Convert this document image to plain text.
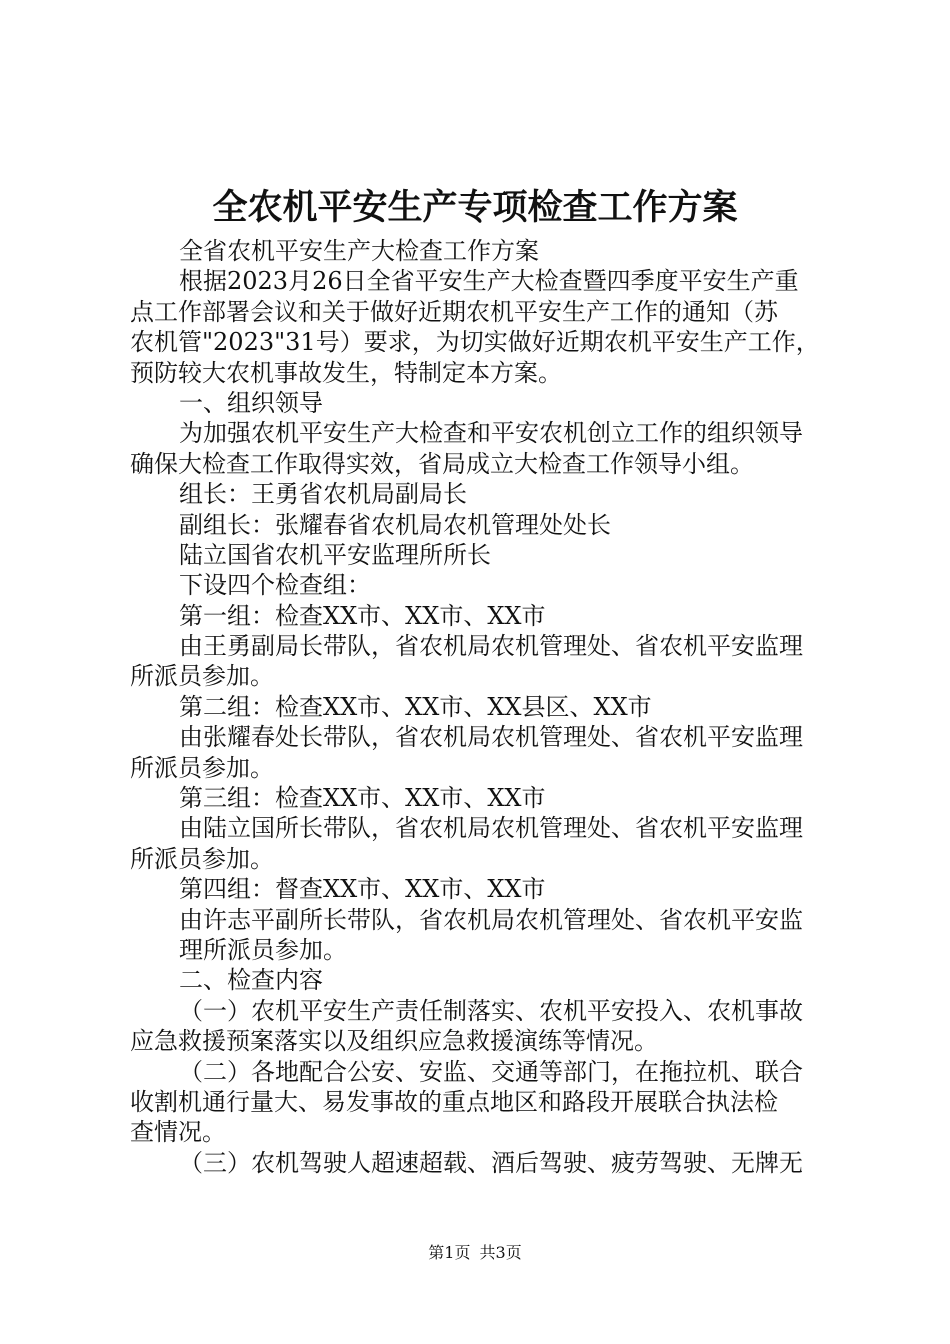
全农机平安生产专项检查工作方案
全省农机平安生产大检查工作方案
根据2023月26日全省平安生产大检查暨四季度平安生产重
点工作部署会议和关于做好近期农机平安生产工作的通知（苏
农机管"2023"31号）要求，为切实做好近期农机平安生产工作，
预防较大农机事故发生，特制定本方案。
一、组织领导
为加强农机平安生产大检查和平安农机创立工作的组织领导
确保大检查工作取得实效，省局成立大检查工作领导小组。
组长：王勇省农机局副局长
副组长：张耀春省农机局农机管理处处长
陆立国省农机平安监理所所长
下设四个检查组：
第一组：检查XX市、XX市、XX市
由王勇副局长带队，省农机局农机管理处、省农机平安监理
所派员参加。
第二组：检查XX市、XX市、XX县区、XX市
由张耀春处长带队，省农机局农机管理处、省农机平安监理
所派员参加。
第三组：检查XX市、XX市、XX市
由陆立国所长带队，省农机局农机管理处、省农机平安监理
所派员参加。
第四组：督查XX市、XX市、XX市
由许志平副所长带队，省农机局农机管理处、省农机平安监
理所派员参加。
二、检查内容
（一）农机平安生产责任制落实、农机平安投入、农机事故
应急救援预案落实以及组织应急救援演练等情况。
（二）各地配合公安、安监、交通等部门，在拖拉机、联合
收割机通行量大、易发事故的重点地区和路段开展联合执法检
查情况。
（三）农机驾驶人超速超载、酒后驾驶、疲劳驾驶、无牌无
第1页 共3页
